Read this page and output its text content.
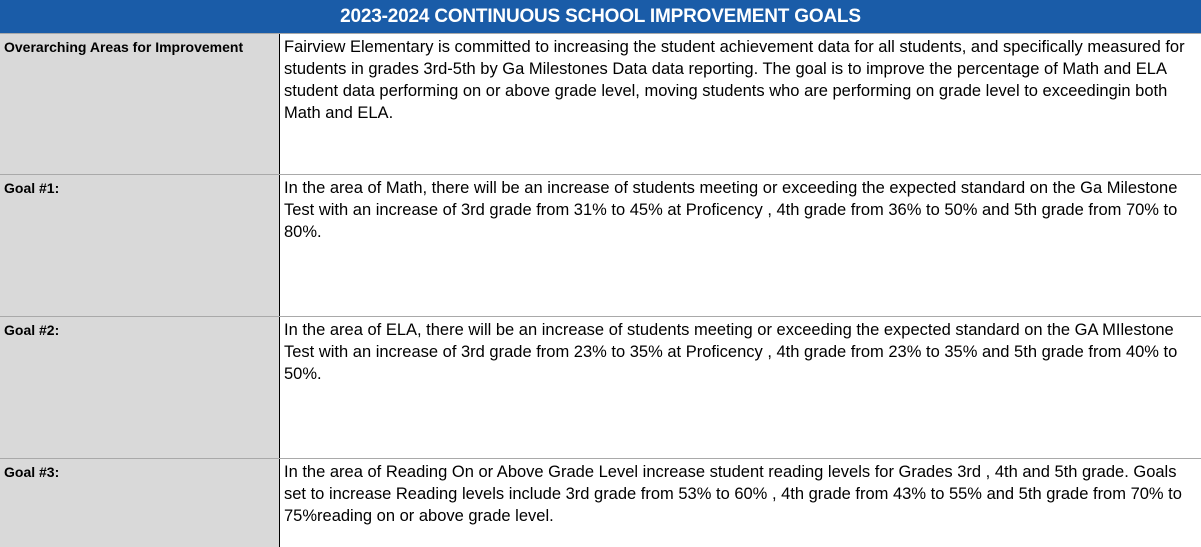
2023-2024 CONTINUOUS SCHOOL IMPROVEMENT GOALS
Overarching Areas for Improvement	Fairview Elementary is committed to increasing the student achievement data for all students, and specifically measured for students in grades 3rd-5th by Ga Milestones Data data reporting. The goal is to improve the percentage of Math and ELA student data performing on or above grade level, moving students who are performing on grade level to exceedingin both Math and ELA.
Goal #1:	In the area of Math, there will be an increase of students meeting or exceeding the expected standard on the Ga Milestone Test with an increase of 3rd grade from 31% to 45% at Proficency , 4th grade from 36% to 50% and 5th grade from 70% to 80%.
Goal #2:	In the area of ELA, there will be an increase of students meeting or exceeding the expected standard on the GA MIlestone Test with an increase of 3rd grade from 23% to 35% at Proficency , 4th grade from 23% to 35% and 5th grade from 40% to 50%.
Goal #3:	In the area of Reading On or Above Grade Level increase student reading levels for Grades 3rd , 4th and 5th grade. Goals set to increase Reading levels include 3rd grade from 53% to 60% , 4th grade from 43% to 55% and 5th grade from 70% to 75%reading on or above grade level.
